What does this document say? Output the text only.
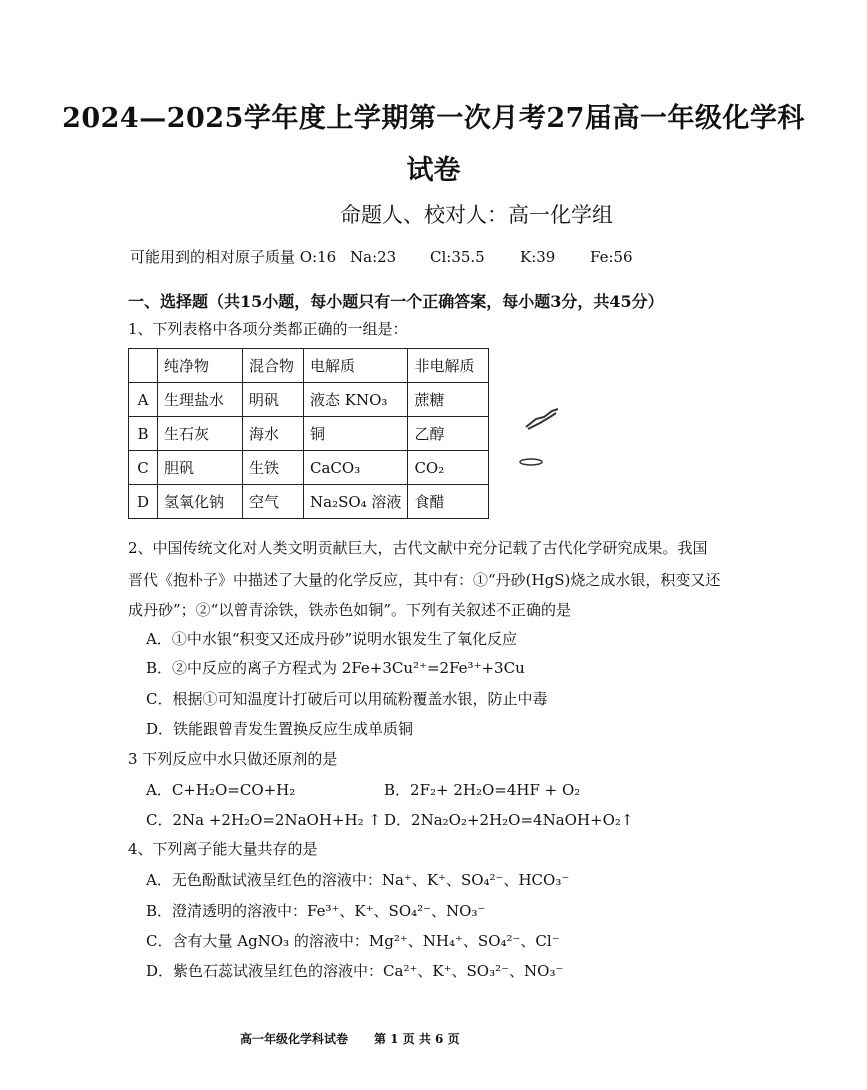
2024—2025学年度上学期第一次月考27届高一年级化学科
试卷
命题人、校对人：高一化学组
可能用到的相对原子质量 O:16 Na:23 Cl:35.5 K:39 Fe:56
一、选择题（共15小题，每小题只有一个正确答案，每小题3分，共45分）
1、下列表格中各项分类都正确的一组是：
	纯净物	混合物	电解质	非电解质
A	生理盐水	明矾	液态 KNO₃	蔗糖
B	生石灰	海水	铜	乙醇
C	胆矾	生铁	CaCO₃	CO₂
D	氢氧化钠	空气	Na₂SO₄ 溶液	食醋
2、中国传统文化对人类文明贡献巨大，古代文献中充分记载了古代化学研究成果。我国
晋代《抱朴子》中描述了大量的化学反应，其中有：①“丹砂(HgS)烧之成水银，积变又还
成丹砂”；②“以曾青涂铁，铁赤色如铜”。下列有关叙述不正确的是
A．①中水银“积变又还成丹砂”说明水银发生了氧化反应
B．②中反应的离子方程式为 2Fe+3Cu²⁺=2Fe³⁺+3Cu
C．根据①可知温度计打破后可以用硫粉覆盖水银，防止中毒
D．铁能跟曾青发生置换反应生成单质铜
3 下列反应中水只做还原剂的是
A．C+H₂O=CO+H₂	B．2F₂+ 2H₂O=4HF + O₂
C．2Na +2H₂O=2NaOH+H₂ ↑ D．2Na₂O₂+2H₂O=4NaOH+O₂↑
4、下列离子能大量共存的是
A．无色酚酞试液呈红色的溶液中：Na⁺、K⁺、SO₄²⁻、HCO₃⁻
B．澄清透明的溶液中：Fe³⁺、K⁺、SO₄²⁻、NO₃⁻
C．含有大量 AgNO₃ 的溶液中：Mg²⁺、NH₄⁺、SO₄²⁻、Cl⁻
D．紫色石蕊试液呈红色的溶液中：Ca²⁺、K⁺、SO₃²⁻、NO₃⁻
高一年级化学科试卷 第 1 页 共 6 页
